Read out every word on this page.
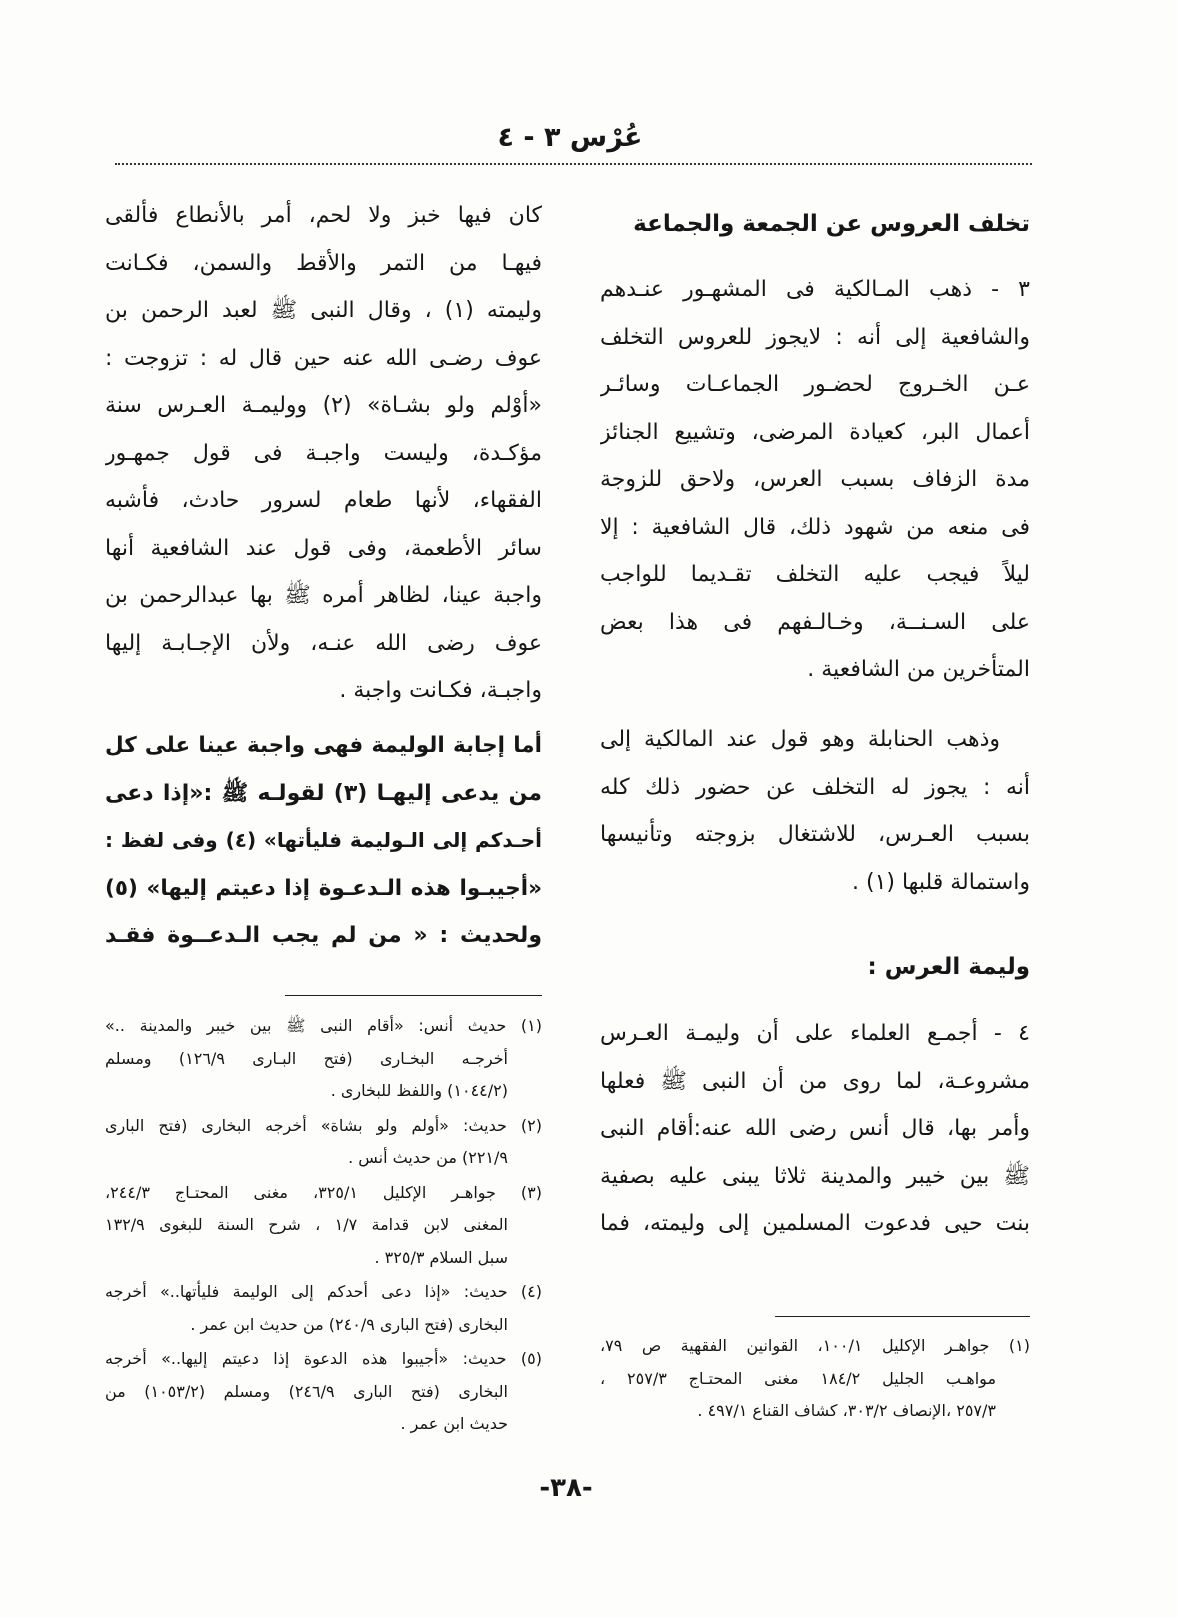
عُرْس ٣ - ٤
تخلف العروس عن الجمعة والجماعة
٣ - ذهب المـالكية فى المشهـور عنـدهم
والشافعية إلى أنه : لايجوز للعروس التخلف
عـن الخـروج لحضـور الجماعـات وسائـر
أعمال البر، كعيادة المرضى، وتشييع الجنائز
مدة الزفاف بسبب العرس، ولاحق للزوجة
فى منعه من شهود ذلك، قال الشافعية : إلا
ليلاً فيجب عليه التخلف تقـديما للواجب
على السـنــة، وخـالـفهم فى هذا بعض
المتأخرين من الشافعية .
وذهب الحنابلة وهو قول عند المالكية إلى
أنه : يجوز له التخلف عن حضور ذلك كله
بسبب العـرس، للاشتغال بزوجته وتأنيسها
واستمالة قلبها (١) .
وليمة العرس :
٤ - أجمـع العلماء على أن وليمـة العـرس
مشروعـة، لما روى من أن النبى ﷺ فعلها
وأمر بها، قال أنس رضى الله عنه:أقام النبى
ﷺ بين خيبر والمدينة ثلاثا يبنى عليه بصفية
بنت حيى فدعوت المسلمين إلى وليمته، فما
(١) جواهـر الإكليل ١٠٠/١، القوانين الفقهية ص ٧٩،
مواهـب الجليل ١٨٤/٢ مغنى المحتـاج ٢٥٧/٣ ،
٢٥٧/٣ ،الإنصاف ٣٠٣/٢، كشاف القناع ٤٩٧/١ .
كان فيها خبز ولا لحم، أمر بالأنطاع فألقى
فيهـا من التمر والأقط والسمن، فكـانت
وليمته (١) ، وقال النبى ﷺ لعبد الرحمن بن
عوف رضـى الله عنه حين قال له : تزوجت :
«أوْلم ولو بشـاة» (٢) ووليمـة العـرس سنة
مؤكـدة، وليست واجبـة فى قول جمهـور
الفقهاء، لأنها طعام لسرور حادث، فأشبه
سائر الأطعمة، وفى قول عند الشافعية أنها
واجبة عينا، لظاهر أمره ﷺ بها عبدالرحمن بن
عوف رضى الله عنـه، ولأن الإجـابـة إليها
واجبـة، فكـانت واجبة .
أما إجابة الوليمة فهى واجبة عينا على كل
من يدعى إليهـا (٣) لقولـه ﷺ :«إذا دعى
أحـدكم إلى الـوليمة فليأتها» (٤) وفى لفظ :
«أجيبـوا هذه الـدعـوة إذا دعيتم إليها» (٥)
ولحديث : « من لم يجب الـدعــوة فقـد
(١) حديث أنس: «أقام النبى ﷺ بين خيبر والمدينة ..»
أخرجـه البخـارى (فتح البـارى ١٢٦/٩) ومسلم
(١٠٤٤/٢) واللفظ للبخارى .
(٢) حديث: «أولم ولو بشاة» أخرجه البخارى (فتح البارى
٢٢١/٩) من حديث أنس .
(٣) جواهـر الإكليل ٣٢٥/١، مغنى المحتـاج ٢٤٤/٣،
المغنى لابن قدامة ١/٧ ، شرح السنة للبغوى ١٣٢/٩
سبل السلام ٣٢٥/٣ .
(٤) حديث: «إذا دعى أحدكم إلى الوليمة فليأتها..» أخرجه
البخارى (فتح البارى ٢٤٠/٩) من حديث ابن عمر .
(٥) حديث: «أجيبوا هذه الدعوة إذا دعيتم إليها..» أخرجه
البخارى (فتح البارى ٢٤٦/٩) ومسلم (١٠٥٣/٢) من
حديث ابن عمر .
-٣٨-
